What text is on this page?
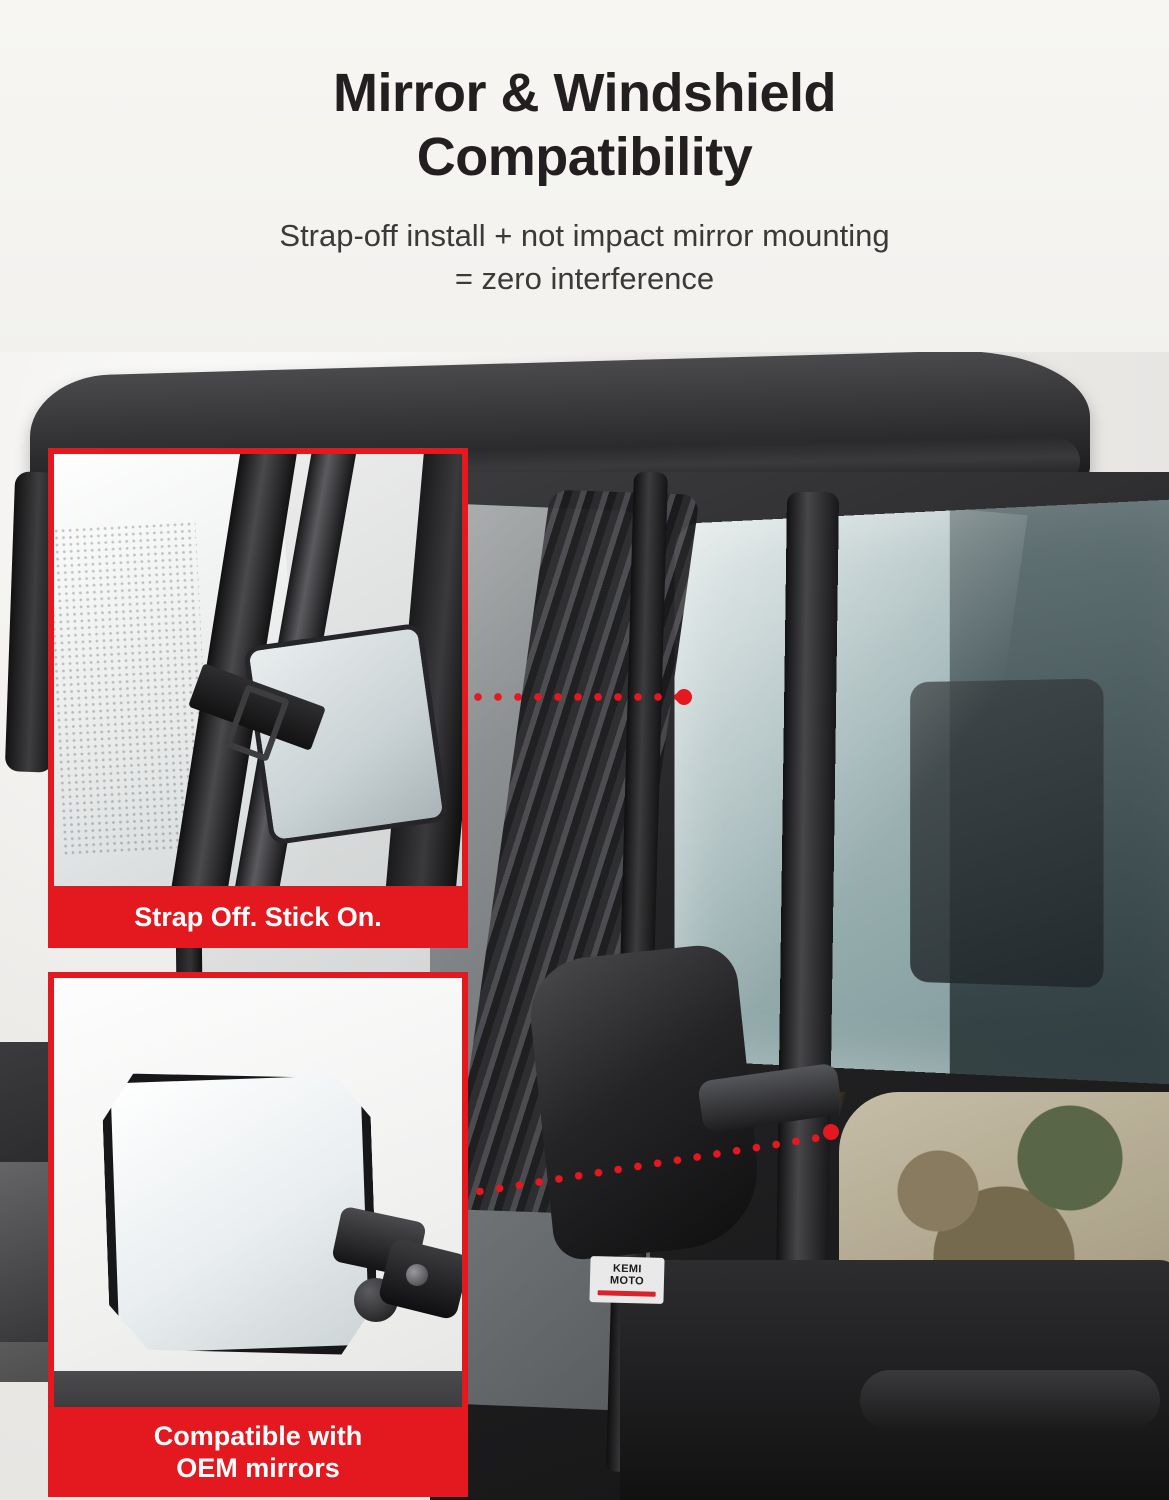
Mirror & Windshield
Compatibility

Strap-off install + not impact mirror mounting
= zero interference

KEMI
MOTO
Strap Off. Stick On.
Compatible with
OEM mirrors
